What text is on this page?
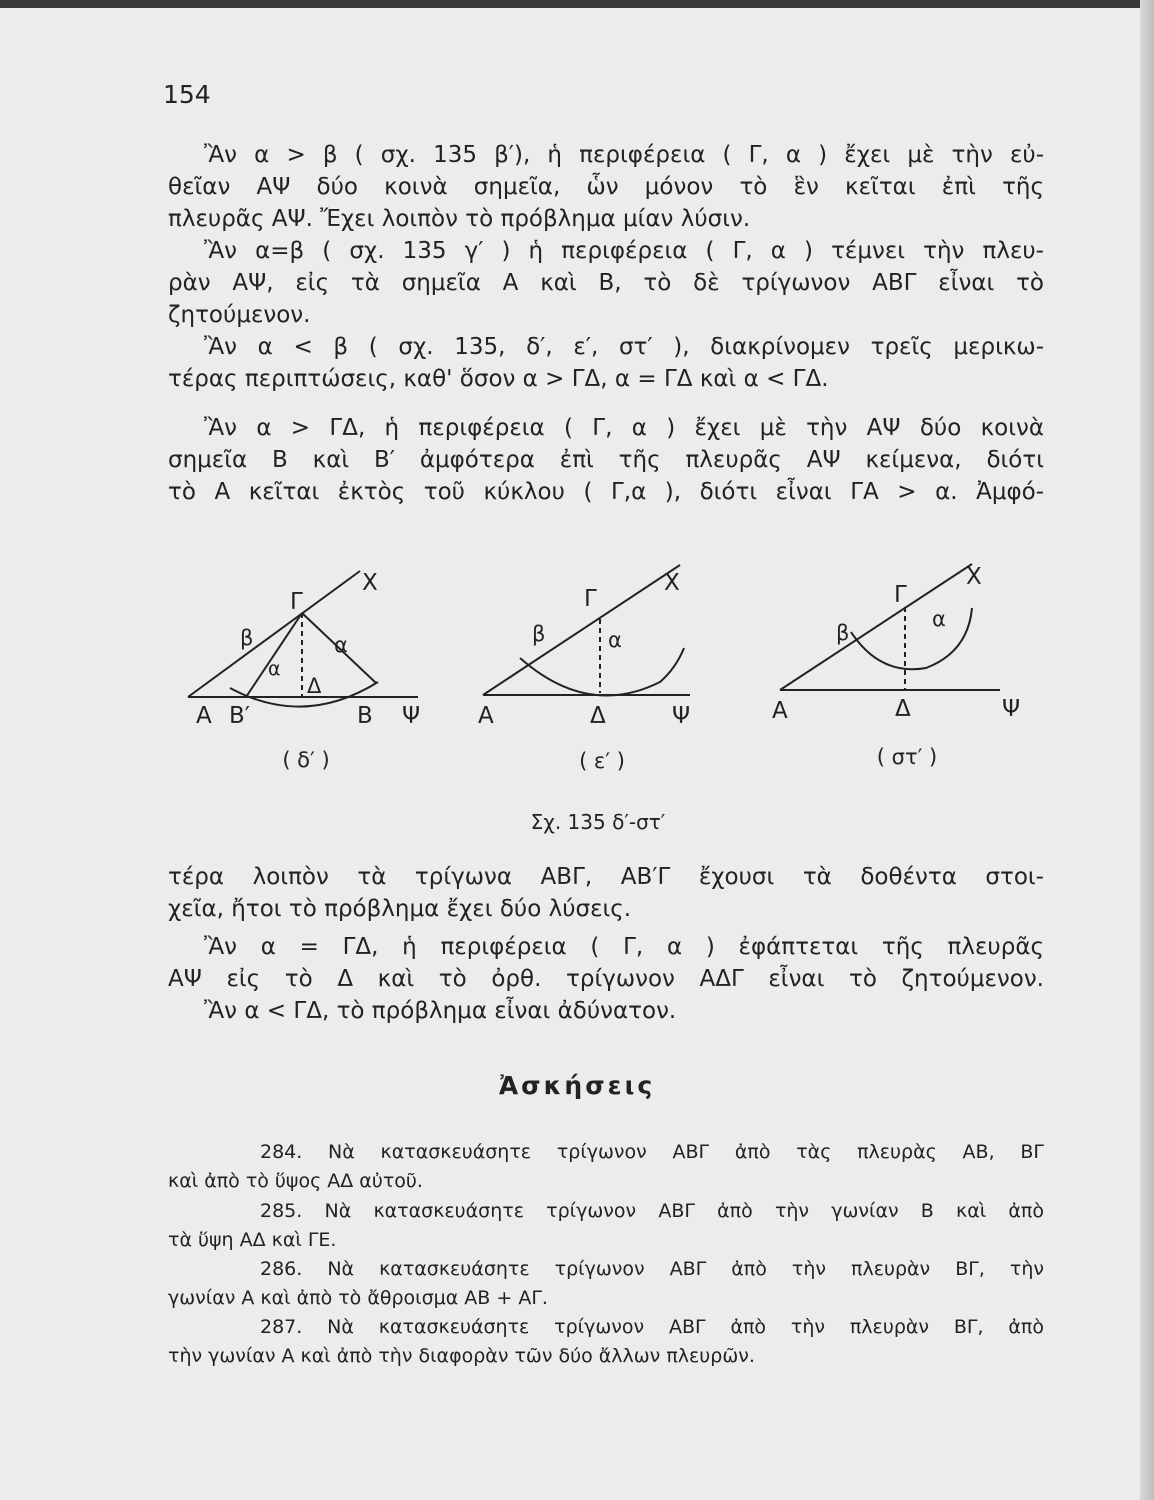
154
Ἂν α > β ( σχ. 135 β′), ἡ περιφέρεια ( Γ, α ) ἔχει μὲ τὴν εὐ-
θεῖαν ΑΨ δύο κοινὰ σημεῖα, ὧν μόνον τὸ ἓν κεῖται ἐπὶ τῆς
πλευρᾶς ΑΨ. Ἔχει λοιπὸν τὸ πρόβλημα μίαν λύσιν.
Ἂν α=β ( σχ. 135 γ′ ) ἡ περιφέρεια ( Γ, α ) τέμνει τὴν πλευ-
ρὰν ΑΨ, εἰς τὰ σημεῖα Α καὶ Β, τὸ δὲ τρίγωνον ΑΒΓ εἶναι τὸ
ζητούμενον.
Ἂν α < β ( σχ. 135, δ′, ε′, στ′ ), διακρίνομεν τρεῖς μερικω-
τέρας περιπτώσεις, καθ' ὅσον α > ΓΔ, α = ΓΔ καὶ α < ΓΔ.
Ἂν α > ΓΔ, ἡ περιφέρεια ( Γ, α ) ἔχει μὲ τὴν ΑΨ δύο κοινὰ
σημεῖα Β καὶ Β′ ἀμφότερα ἐπὶ τῆς πλευρᾶς ΑΨ κείμενα, διότι
τὸ Α κεῖται ἐκτὸς τοῦ κύκλου ( Γ,α ), διότι εἶναι ΓΑ > α. Ἀμφό-
Α Β′	Β Ψ
Χ
Γ
Δ
β	α
α
( δ′ )
Α	Δ	Ψ
Χ
Γ
β	α
( ε′ )
Α	Δ	Ψ
Χ
Γ
β
α
( στ′ )
Σχ. 135 δ′-στ′
τέρα λοιπὸν τὰ τρίγωνα ΑΒΓ, ΑΒ′Γ ἔχουσι τὰ δοθέντα στοι-
χεῖα, ἤτοι τὸ πρόβλημα ἔχει δύο λύσεις.
Ἂν α = ΓΔ, ἡ περιφέρεια ( Γ, α ) ἐφάπτεται τῆς πλευρᾶς
ΑΨ εἰς τὸ Δ καὶ τὸ ὀρθ. τρίγωνον ΑΔΓ εἶναι τὸ ζητούμενον.
Ἂν α < ΓΔ, τὸ πρόβλημα εἶναι ἀδύνατον.
Ἀσκήσεις
284. Νὰ κατασκευάσητε τρίγωνον ΑΒΓ ἀπὸ τὰς πλευρὰς ΑΒ, ΒΓ
καὶ ἀπὸ τὸ ὕψος ΑΔ αὐτοῦ.
285. Νὰ κατασκευάσητε τρίγωνον ΑΒΓ ἀπὸ τὴν γωνίαν Β καὶ ἀπὸ
τὰ ὕψη ΑΔ καὶ ΓΕ.
286. Νὰ κατασκευάσητε τρίγωνον ΑΒΓ ἀπὸ τὴν πλευρὰν ΒΓ, τὴν
γωνίαν Α καὶ ἀπὸ τὸ ἄθροισμα ΑΒ + ΑΓ.
287. Νὰ κατασκευάσητε τρίγωνον ΑΒΓ ἀπὸ τὴν πλευρὰν ΒΓ, ἀπὸ
τὴν γωνίαν Α καὶ ἀπὸ τὴν διαφορὰν τῶν δύο ἄλλων πλευρῶν.
